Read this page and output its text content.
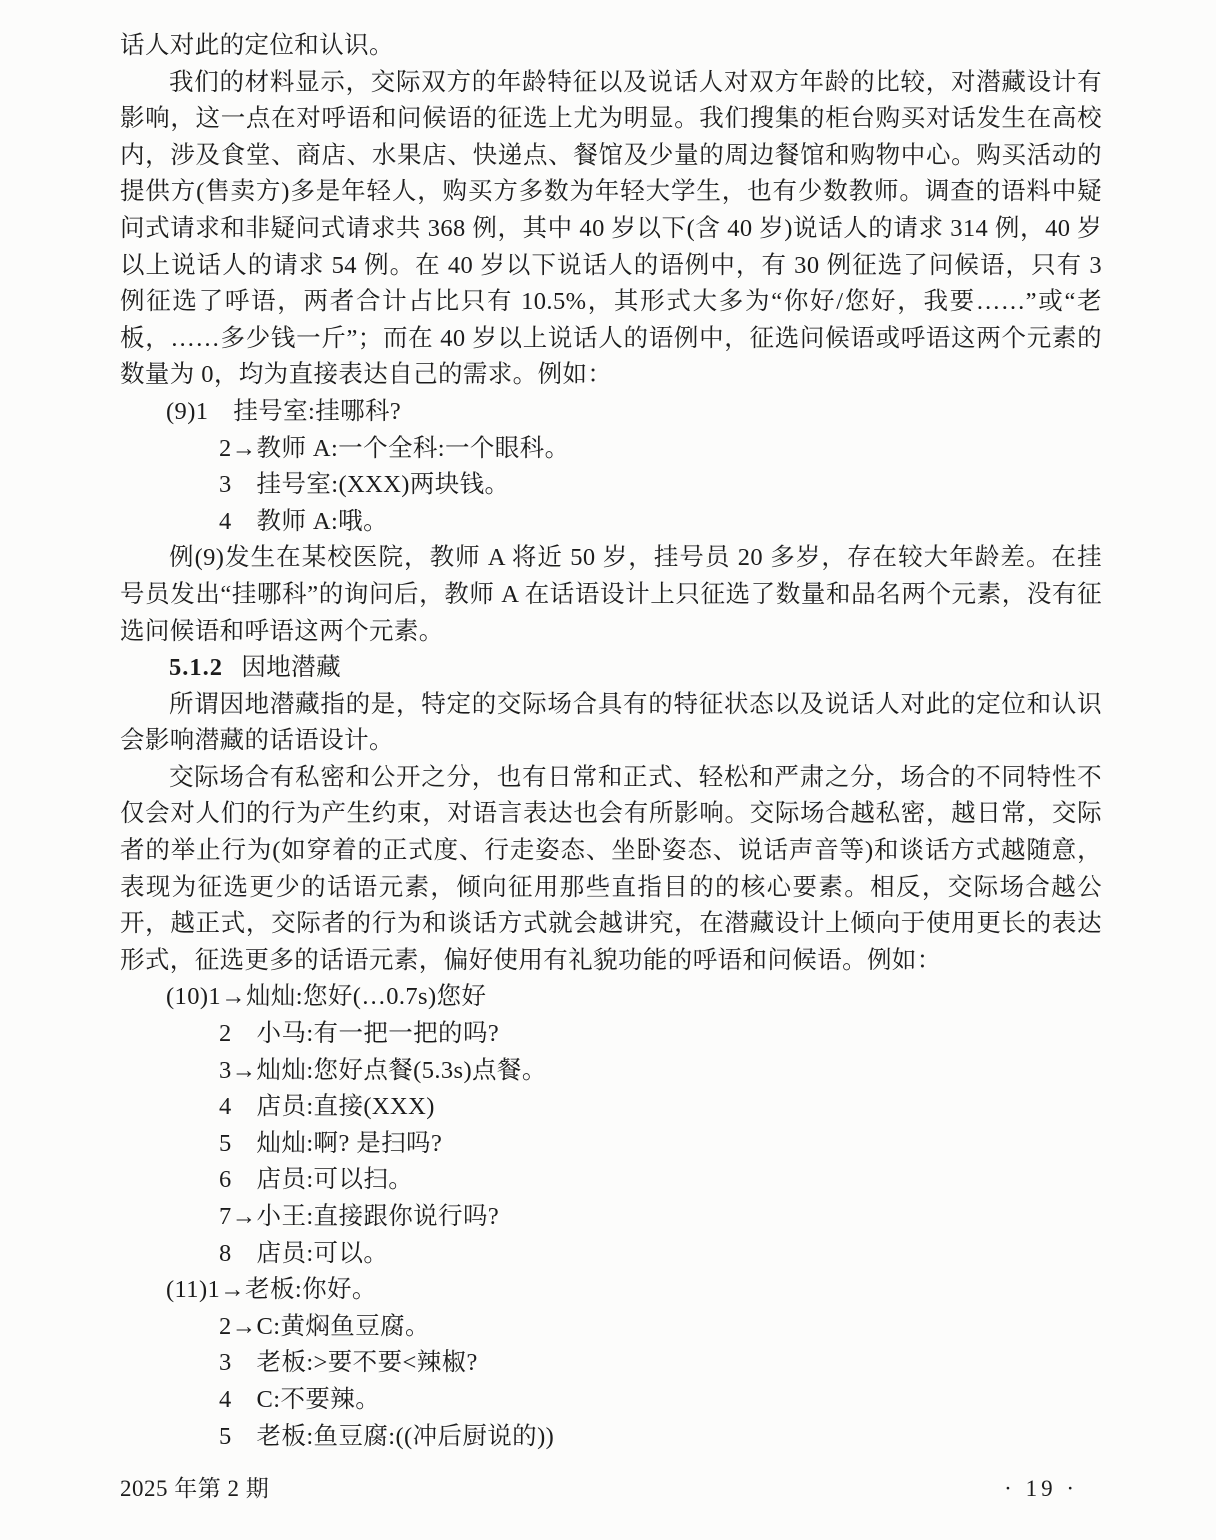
话人对此的定位和认识。

我们的材料显示，交际双方的年龄特征以及说话人对双方年龄的比较，对潜藏设计有影响，这一点在对呼语和问候语的征选上尤为明显。我们搜集的柜台购买对话发生在高校内，涉及食堂、商店、水果店、快递点、餐馆及少量的周边餐馆和购物中心。购买活动的提供方(售卖方)多是年轻人，购买方多数为年轻大学生，也有少数教师。调查的语料中疑问式请求和非疑问式请求共 368 例，其中 40 岁以下(含 40 岁)说话人的请求 314 例，40 岁以上说话人的请求 54 例。在 40 岁以下说话人的语例中，有 30 例征选了问候语，只有 3 例征选了呼语，两者合计占比只有 10.5%，其形式大多为“你好/您好，我要……”或“老板，……多少钱一斤”；而在 40 岁以上说话人的语例中，征选问候语或呼语这两个元素的数量为 0，均为直接表达自己的需求。例如：

(9)1　挂号室:挂哪科?

2→教师 A:一个全科:一个眼科。

3　挂号室:(XXX)两块钱。

4　教师 A:哦。

例(9)发生在某校医院，教师 A 将近 50 岁，挂号员 20 多岁，存在较大年龄差。在挂号员发出“挂哪科”的询问后，教师 A 在话语设计上只征选了数量和品名两个元素，没有征选问候语和呼语这两个元素。

5.1.2 因地潜藏

所谓因地潜藏指的是，特定的交际场合具有的特征状态以及说话人对此的定位和认识会影响潜藏的话语设计。

交际场合有私密和公开之分，也有日常和正式、轻松和严肃之分，场合的不同特性不仅会对人们的行为产生约束，对语言表达也会有所影响。交际场合越私密，越日常，交际者的举止行为(如穿着的正式度、行走姿态、坐卧姿态、说话声音等)和谈话方式越随意，表现为征选更少的话语元素，倾向征用那些直指目的的核心要素。相反，交际场合越公开，越正式，交际者的行为和谈话方式就会越讲究，在潜藏设计上倾向于使用更长的表达形式，征选更多的话语元素，偏好使用有礼貌功能的呼语和问候语。例如：

(10)1→灿灿:您好(…0.7s)您好

2　小马:有一把一把的吗?

3→灿灿:您好点餐(5.3s)点餐。

4　店员:直接(XXX)

5　灿灿:啊? 是扫吗?

6　店员:可以扫。

7→小王:直接跟你说行吗?

8　店员:可以。

(11)1→老板:你好。

2→C:黄焖鱼豆腐。

3　老板:>要不要<辣椒?

4　C:不要辣。

5　老板:鱼豆腐:((冲后厨说的))

2025 年第 2 期	· 19 ·
